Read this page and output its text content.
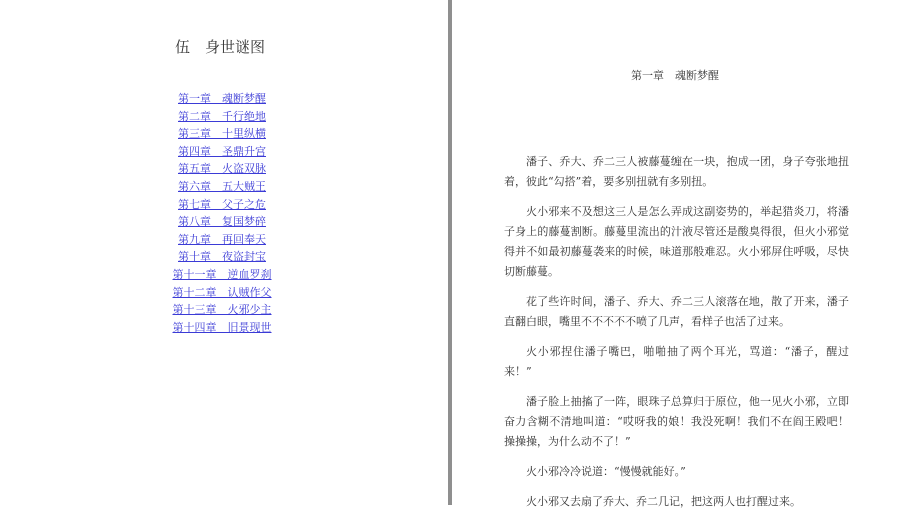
伍　身世谜图
第一章　魂断梦醒
第二章　千行绝地
第三章　十里纵横
第四章　圣鼎升宫
第五章　火盗双脉
第六章　五大贼王
第七章　父子之危
第八章　复国梦碎
第九章　再回奉天
第十章　夜盗封宝
第十一章　逆血罗刹
第十二章　认贼作父
第十三章　火邪少主
第十四章　旧景现世
第一章　魂断梦醒

潘子、乔大、乔二三人被藤蔓缠在一块，抱成一团，身子夸张地扭着，彼此“勾搭”着，要多别扭就有多别扭。

火小邪来不及想这三人是怎么弄成这副姿势的，举起猎炎刀，将潘子身上的藤蔓割断。藤蔓里流出的汁液尽管还是酸臭得很，但火小邪觉得并不如最初藤蔓袭来的时候，味道那般难忍。火小邪屏住呼吸，尽快切断藤蔓。

花了些许时间，潘子、乔大、乔二三人滚落在地，散了开来，潘子直翻白眼，嘴里不不不不不喷了几声，看样子也活了过来。

火小邪捏住潘子嘴巴，啪啪抽了两个耳光，骂道：“潘子，醒过来！”

潘子脸上抽搐了一阵，眼珠子总算归于原位，他一见火小邪，立即奋力含糊不清地叫道：“哎呀我的娘！我没死啊！我们不在阎王殿吧！操操操，为什么动不了！”

火小邪冷冷说道：“慢慢就能好。”

火小邪又去扇了乔大、乔二几记，把这两人也打醒过来。
